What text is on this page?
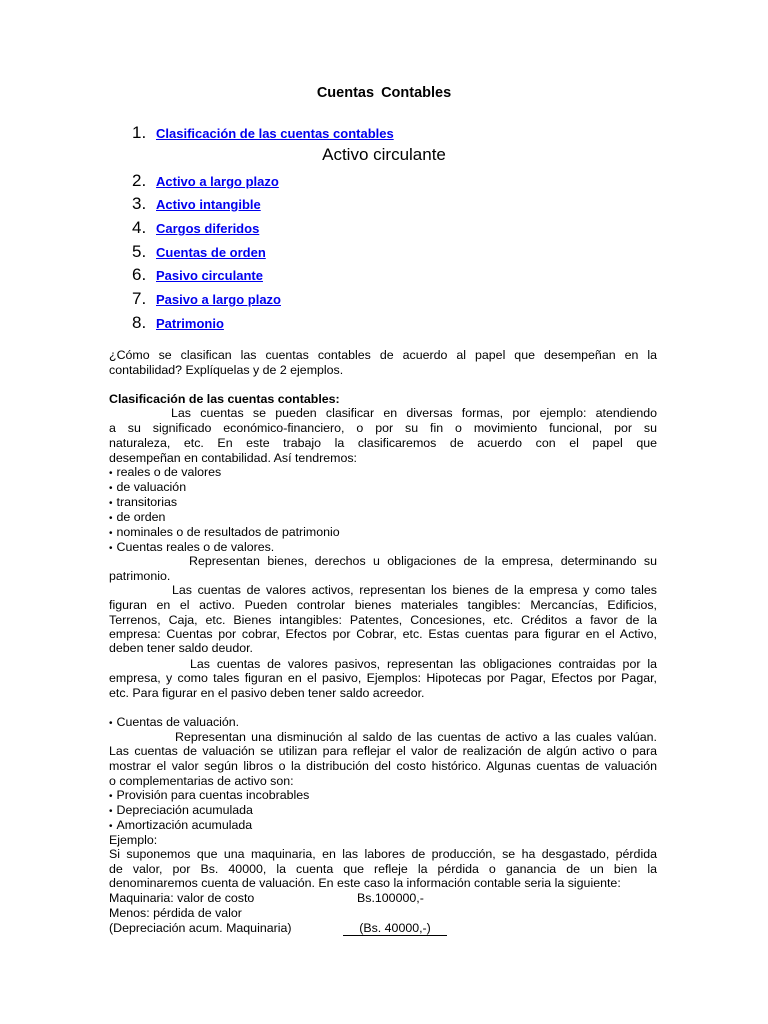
Cuentas Contables
1. Clasificación de las cuentas contables
Activo circulante
2. Activo a largo plazo
3. Activo intangible
4. Cargos diferidos
5. Cuentas de orden
6. Pasivo circulante
7. Pasivo a largo plazo
8. Patrimonio
¿Cómo se clasifican las cuentas contables de acuerdo al papel que desempeñan en la
contabilidad? Explíquelas y de 2 ejemplos.
Clasificación de las cuentas contables:
Las cuentas se pueden clasificar en diversas formas, por ejemplo: atendiendo
a su significado económico-financiero, o por su fin o movimiento funcional, por su
naturaleza, etc. En este trabajo la clasificaremos de acuerdo con el papel que
desempeñan en contabilidad. Así tendremos:
• reales o de valores
• de valuación
• transitorias
• de orden
• nominales o de resultados de patrimonio
• Cuentas reales o de valores.
Representan bienes, derechos u obligaciones de la empresa, determinando su
patrimonio.
Las cuentas de valores activos, representan los bienes de la empresa y como tales
figuran en el activo. Pueden controlar bienes materiales tangibles: Mercancías, Edificios,
Terrenos, Caja, etc. Bienes intangibles: Patentes, Concesiones, etc. Créditos a favor de la
empresa: Cuentas por cobrar, Efectos por Cobrar, etc. Estas cuentas para figurar en el Activo,
deben tener saldo deudor.
Las cuentas de valores pasivos, representan las obligaciones contraidas por la
empresa, y como tales figuran en el pasivo, Ejemplos: Hipotecas por Pagar, Efectos por Pagar,
etc. Para figurar en el pasivo deben tener saldo acreedor.
• Cuentas de valuación.
Representan una disminución al saldo de las cuentas de activo a las cuales valúan.
Las cuentas de valuación se utilizan para reflejar el valor de realización de algún activo o para
mostrar el valor según libros o la distribución del costo histórico. Algunas cuentas de valuación
o complementarias de activo son:
• Provisión para cuentas incobrables
• Depreciación acumulada
• Amortización acumulada
Ejemplo:
Si suponemos que una maquinaria, en las labores de producción, se ha desgastado, pérdida
de valor, por Bs. 40000, la cuenta que refleje la pérdida o ganancia de un bien la
denominaremos cuenta de valuación. En este caso la información contable seria la siguiente:
Maquinaria: valor de costo	Bs.100000,-
Menos: pérdida de valor
(Depreciación acum. Maquinaria)	(Bs. 40000,-)
